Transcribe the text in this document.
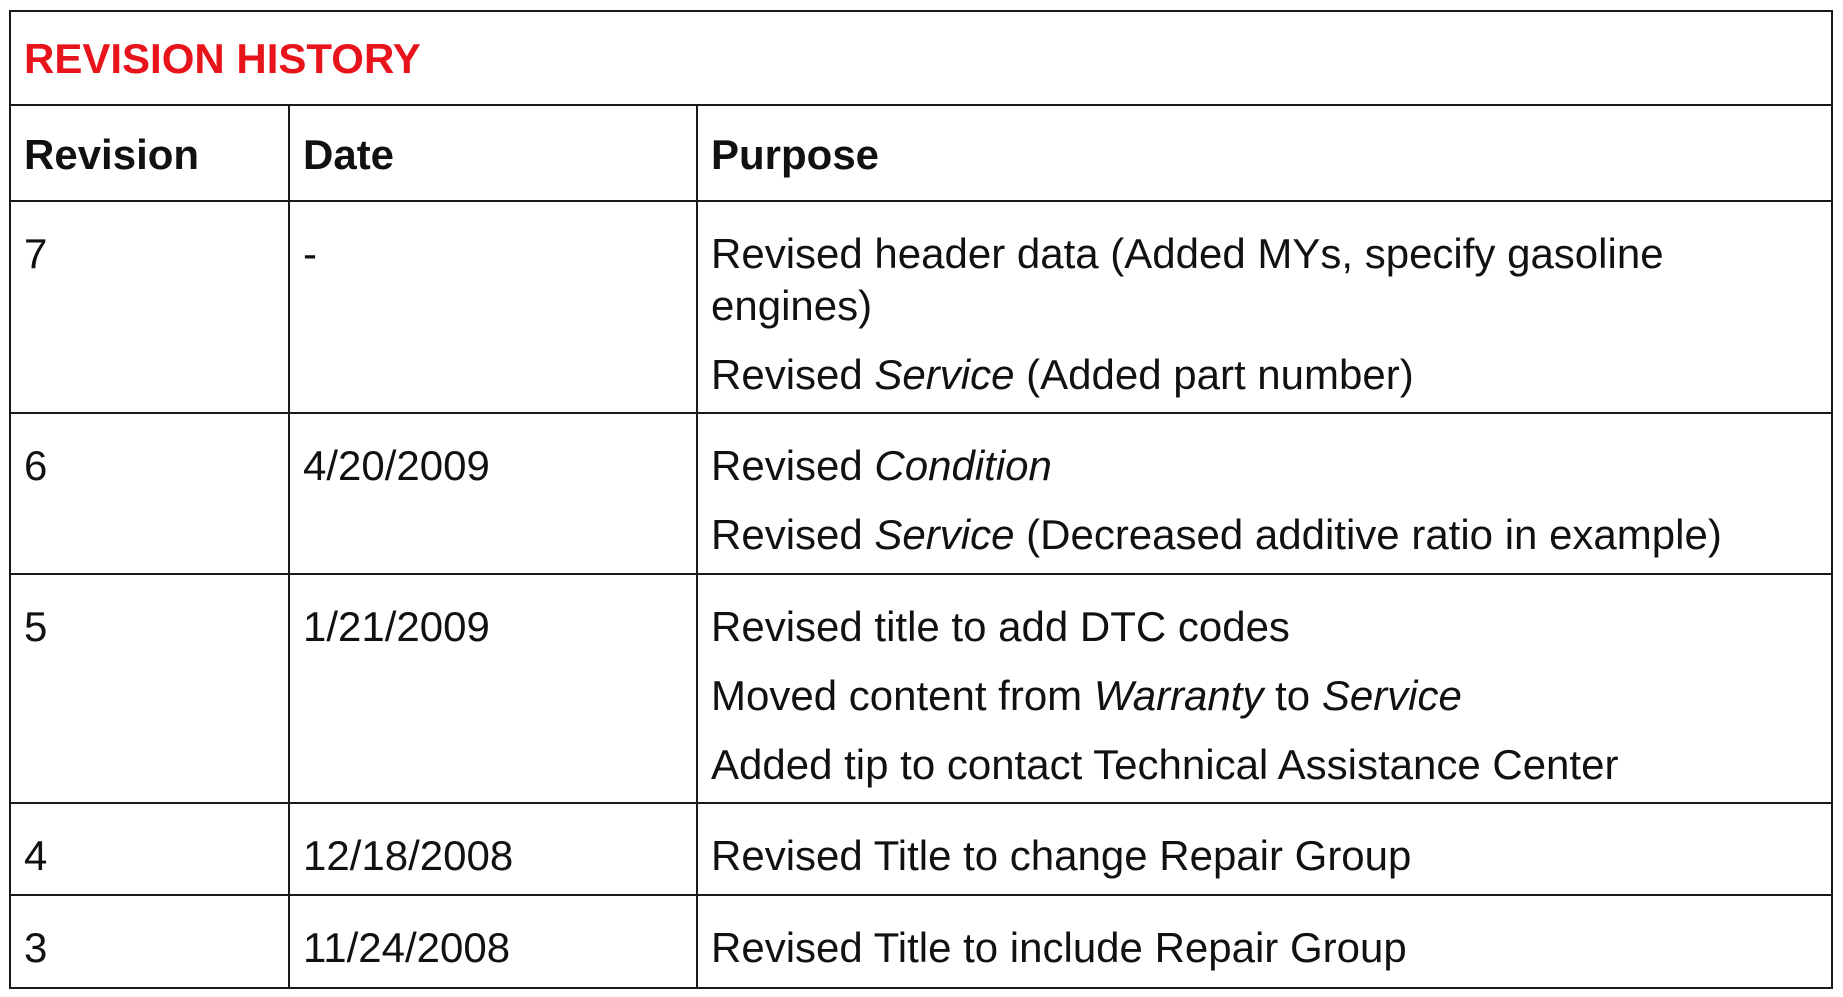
REVISION HISTORY		
Revision	Date	Purpose
7	-	Revised header data (Added MYs, specify gasoline engines)
Revised Service (Added part number)

6	4/20/2009	Revised Condition
Revised Service (Decreased additive ratio in example)

5	1/21/2009	Revised title to add DTC codes
Moved content from Warranty to Service
Added tip to contact Technical Assistance Center

4	12/18/2008	Revised Title to change Repair Group

3	11/24/2008	Revised Title to include Repair Group
